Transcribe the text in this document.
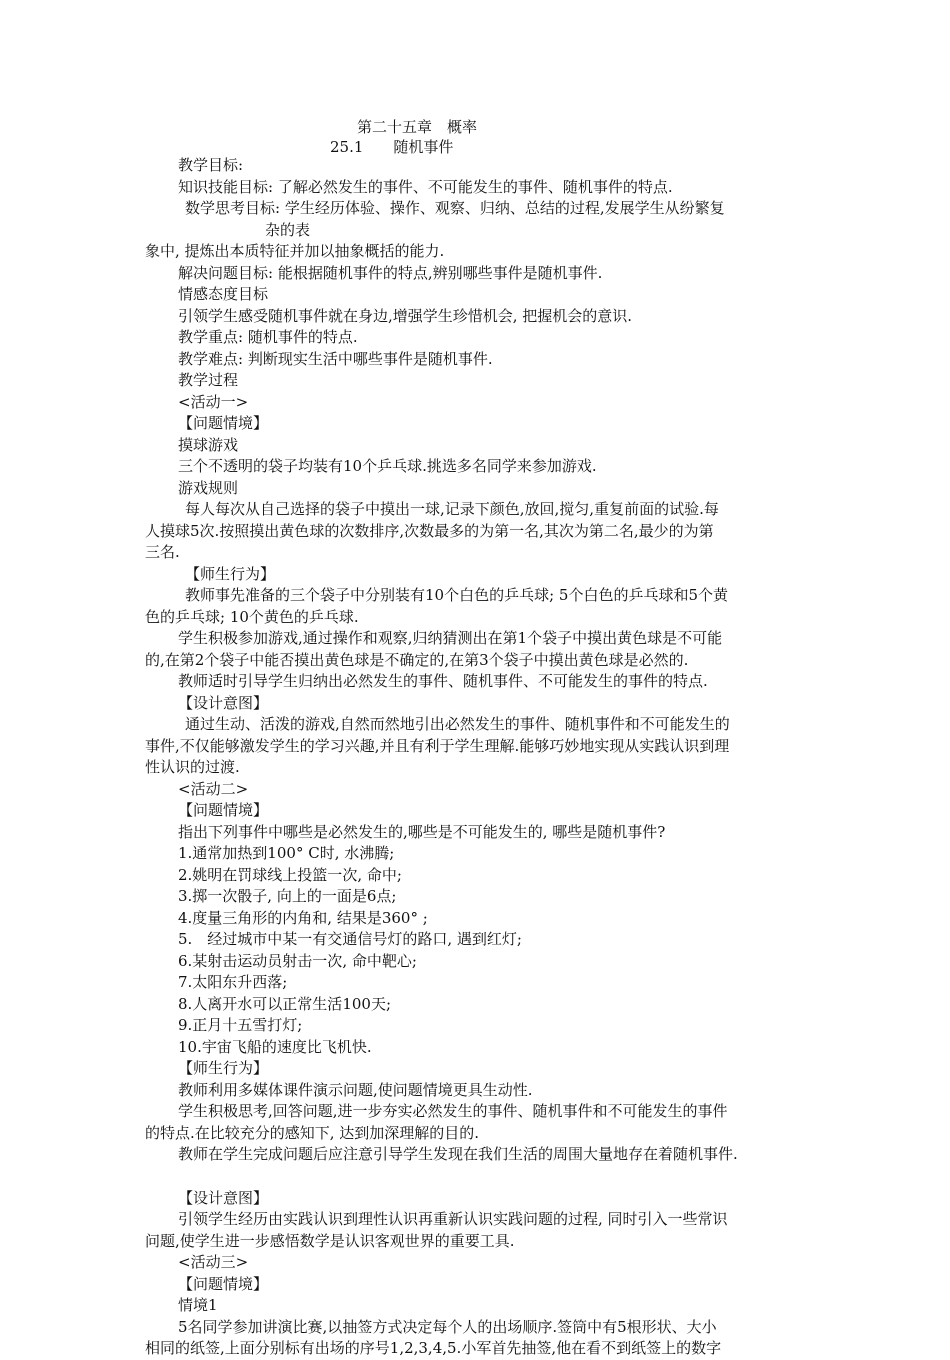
第二十五章　概率
25.1　　随机事件
教学目标:
知识技能目标: 了解必然发生的事件、不可能发生的事件、随机事件的特点.
数学思考目标: 学生经历体验、操作、观察、归纳、总结的过程,发展学生从纷繁复
杂的表
象中, 提炼出本质特征并加以抽象概括的能力.
解决问题目标: 能根据随机事件的特点,辨别哪些事件是随机事件.
情感态度目标
引领学生感受随机事件就在身边,增强学生珍惜机会, 把握机会的意识.
教学重点: 随机事件的特点.
教学难点: 判断现实生活中哪些事件是随机事件.
教学过程
<活动一>
【问题情境】
摸球游戏
三个不透明的袋子均装有10个乒乓球.挑选多名同学来参加游戏.
游戏规则
每人每次从自己选择的袋子中摸出一球,记录下颜色,放回,搅匀,重复前面的试验.每
人摸球5次.按照摸出黄色球的次数排序,次数最多的为第一名,其次为第二名,最少的为第
三名.
【师生行为】
教师事先准备的三个袋子中分别装有10个白色的乒乓球; 5个白色的乒乓球和5个黄
色的乒乓球; 10个黄色的乒乓球.
学生积极参加游戏,通过操作和观察,归纳猜测出在第1个袋子中摸出黄色球是不可能
的,在第2个袋子中能否摸出黄色球是不确定的,在第3个袋子中摸出黄色球是必然的.
教师适时引导学生归纳出必然发生的事件、随机事件、不可能发生的事件的特点.
【设计意图】
通过生动、活泼的游戏,自然而然地引出必然发生的事件、随机事件和不可能发生的
事件,不仅能够激发学生的学习兴趣,并且有利于学生理解.能够巧妙地实现从实践认识到理
性认识的过渡.
<活动二>
【问题情境】
指出下列事件中哪些是必然发生的,哪些是不可能发生的, 哪些是随机事件?
1.通常加热到100° C时, 水沸腾;
2.姚明在罚球线上投篮一次, 命中;
3.掷一次骰子, 向上的一面是6点;
4.度量三角形的内角和, 结果是360° ;
5.　经过城市中某一有交通信号灯的路口, 遇到红灯;
6.某射击运动员射击一次, 命中靶心;
7.太阳东升西落;
8.人离开水可以正常生活100天;
9.正月十五雪打灯;
10.宇宙飞船的速度比飞机快.
【师生行为】
教师利用多媒体课件演示问题,使问题情境更具生动性.
学生积极思考,回答问题,进一步夯实必然发生的事件、随机事件和不可能发生的事件
的特点.在比较充分的感知下, 达到加深理解的目的.
教师在学生完成问题后应注意引导学生发现在我们生活的周围大量地存在着随机事件.
【设计意图】
引领学生经历由实践认识到理性认识再重新认识实践问题的过程, 同时引入一些常识
问题,使学生进一步感悟数学是认识客观世界的重要工具.
<活动三>
【问题情境】
情境1
5名同学参加讲演比赛,以抽签方式决定每个人的出场顺序.签筒中有5根形状、大小
相同的纸签,上面分别标有出场的序号1,2,3,4,5.小军首先抽签,他在看不到纸签上的数字
